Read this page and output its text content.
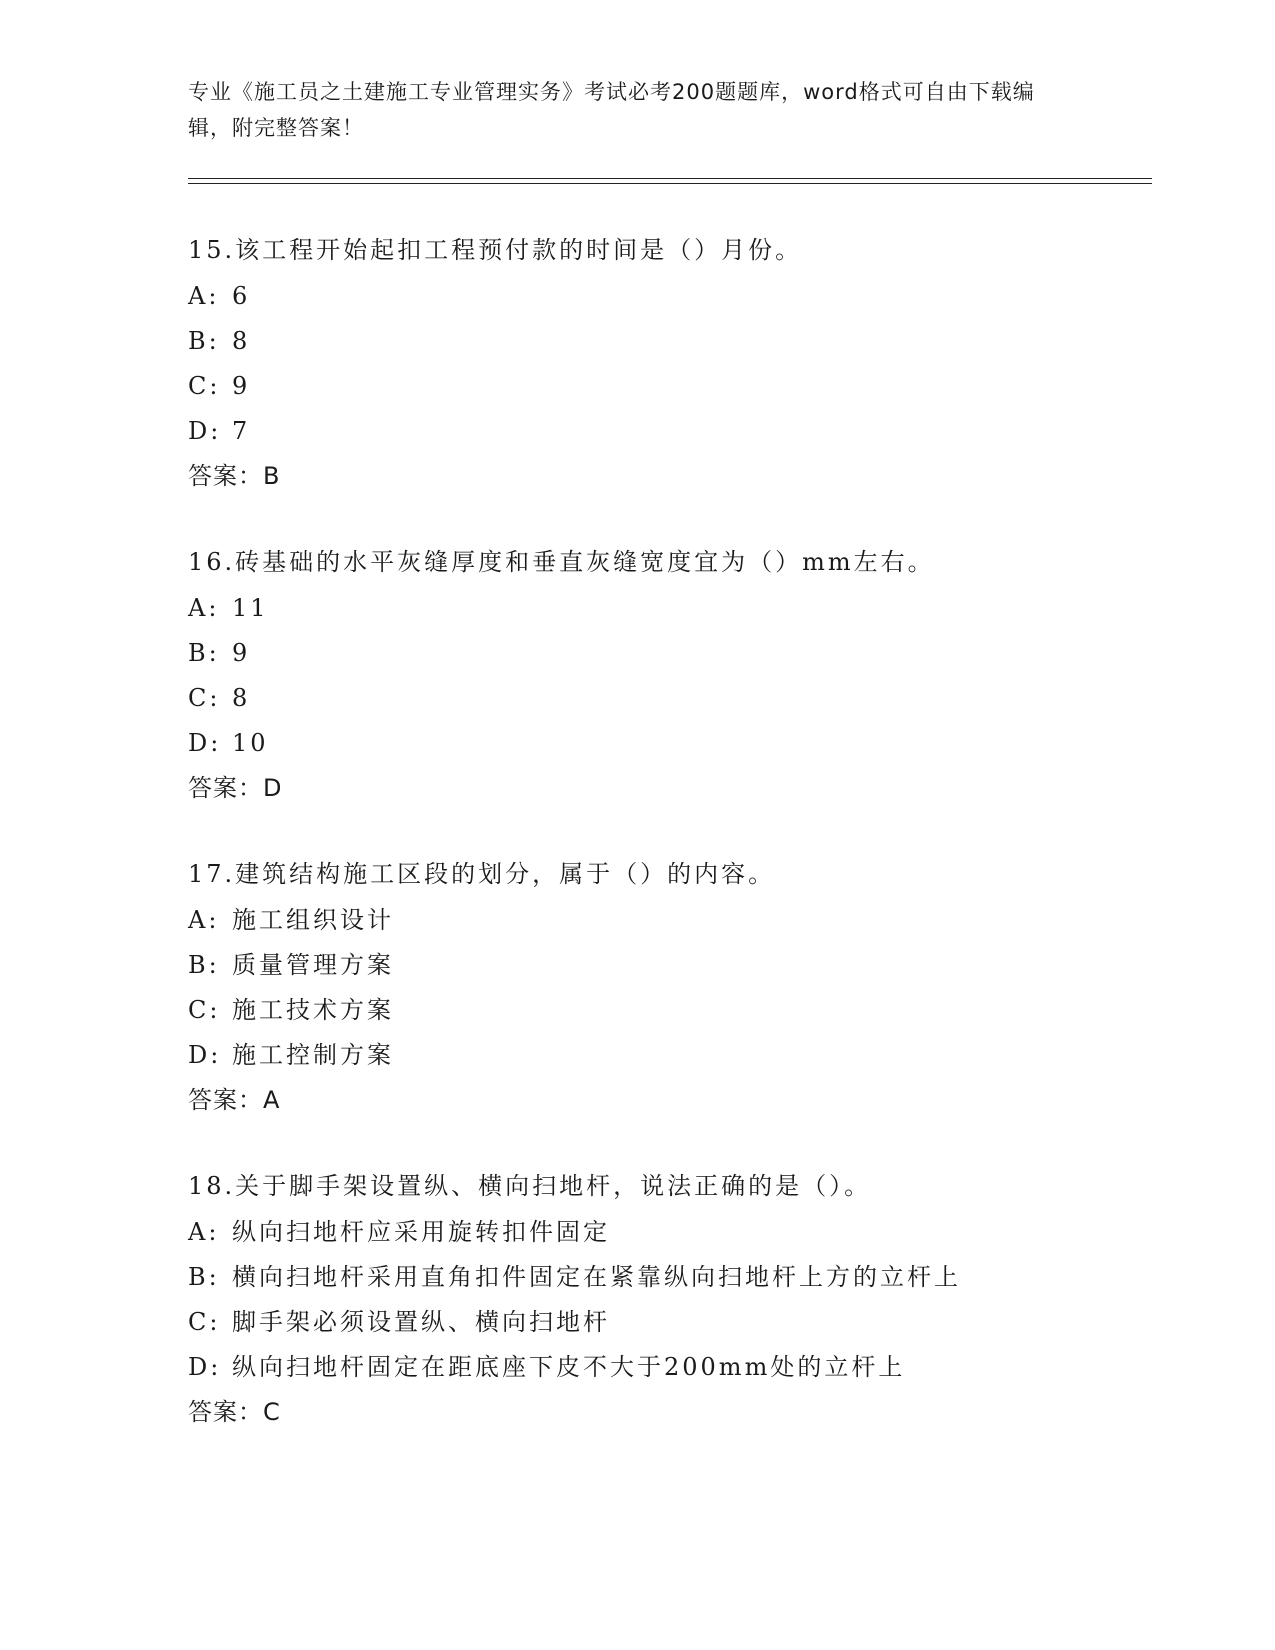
专业《施工员之土建施工专业管理实务》考试必考200题题库，word格式可自由下载编辑，附完整答案！
15.该工程开始起扣工程预付款的时间是（）月份。
A: 6
B: 8
C: 9
D: 7
答案：B
16.砖基础的水平灰缝厚度和垂直灰缝宽度宜为（）mm左右。
A: 11
B: 9
C: 8
D: 10
答案：D
17.建筑结构施工区段的划分，属于（）的内容。
A: 施工组织设计
B: 质量管理方案
C: 施工技术方案
D: 施工控制方案
答案：A
18.关于脚手架设置纵、横向扫地杆，说法正确的是（）。
A: 纵向扫地杆应采用旋转扣件固定
B: 横向扫地杆采用直角扣件固定在紧靠纵向扫地杆上方的立杆上
C: 脚手架必须设置纵、横向扫地杆
D: 纵向扫地杆固定在距底座下皮不大于200mm处的立杆上
答案：C
